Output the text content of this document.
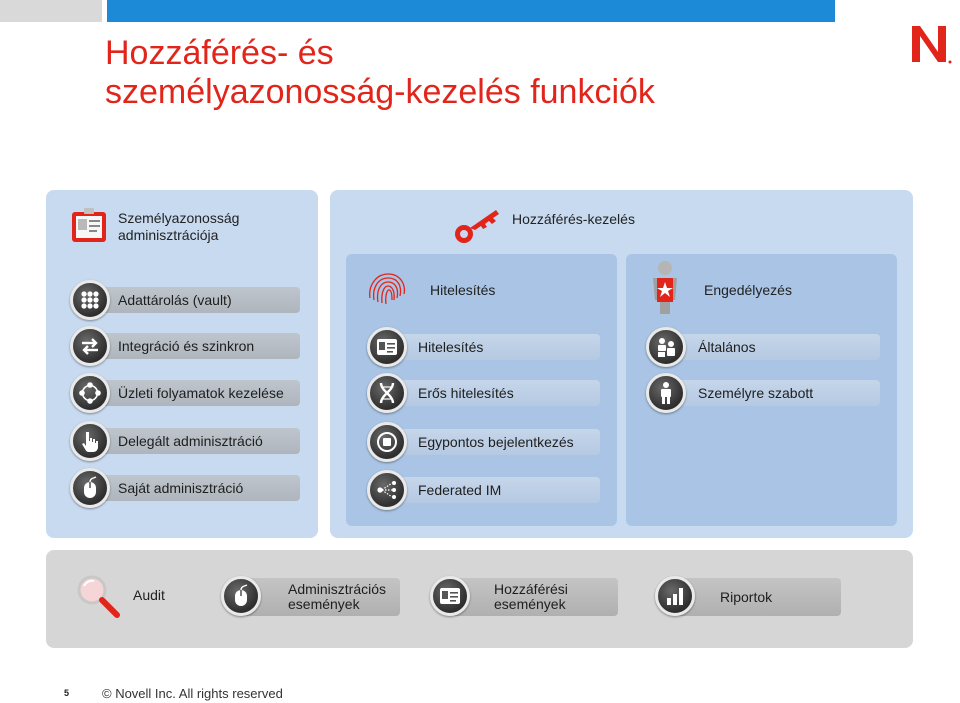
Hozzáférés- és
személyazonosság-kezelés funkciók
Személyazonosság adminisztrációja
Adattárolás (vault)
Integráció és szinkron
Üzleti folyamatok kezelése
Delegált adminisztráció
Saját adminisztráció
Hozzáférés-kezelés
Hitelesítés
Hitelesítés
Erős hitelesítés
Egypontos bejelentkezés
Federated IM
Engedélyezés
Általános
Személyre szabott
Audit	Adminisztrációs események
Hozzáférési események	Riportok
5	© Novell Inc. All rights reserved
